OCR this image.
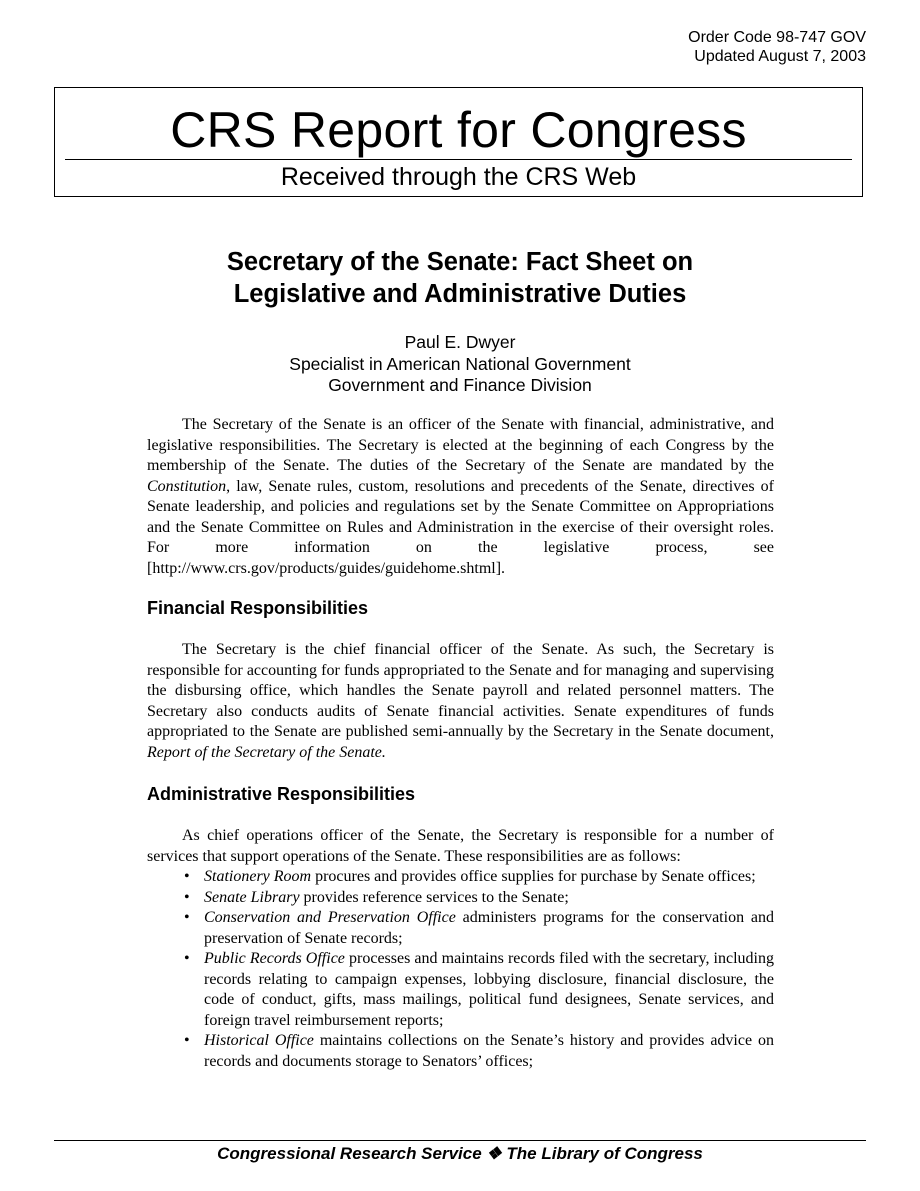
Order Code 98-747 GOV
Updated August 7, 2003
CRS Report for Congress
Received through the CRS Web
Secretary of the Senate: Fact Sheet on
Legislative and Administrative Duties
Paul E. Dwyer
Specialist in American National Government
Government and Finance Division

The Secretary of the Senate is an officer of the Senate with financial, administrative, and legislative responsibilities. The Secretary is elected at the beginning of each Congress by the membership of the Senate. The duties of the Secretary of the Senate are mandated by the Constitution, law, Senate rules, custom, resolutions and precedents of the Senate, directives of Senate leadership, and policies and regulations set by the Senate Committee on Appropriations and the Senate Committee on Rules and Administration in the exercise of their oversight roles. For more information on the legislative process, see [http://www.crs.gov/products/guides/guidehome.shtml].

Financial Responsibilities

The Secretary is the chief financial officer of the Senate. As such, the Secretary is responsible for accounting for funds appropriated to the Senate and for managing and supervising the disbursing office, which handles the Senate payroll and related personnel matters. The Secretary also conducts audits of Senate financial activities. Senate expenditures of funds appropriated to the Senate are published semi-annually by the Secretary in the Senate document, Report of the Secretary of the Senate.

Administrative Responsibilities

As chief operations officer of the Senate, the Secretary is responsible for a number of services that support operations of the Senate. These responsibilities are as follows:

• Stationery Room procures and provides office supplies for purchase by Senate offices;
• Senate Library provides reference services to the Senate;
• Conservation and Preservation Office administers programs for the conservation and preservation of Senate records;
• Public Records Office processes and maintains records filed with the secretary, including records relating to campaign expenses, lobbying disclosure, financial disclosure, the code of conduct, gifts, mass mailings, political fund designees, Senate services, and foreign travel reimbursement reports;
• Historical Office maintains collections on the Senate’s history and provides advice on records and documents storage to Senators’ offices;
Congressional Research Service ❖ The Library of Congress
